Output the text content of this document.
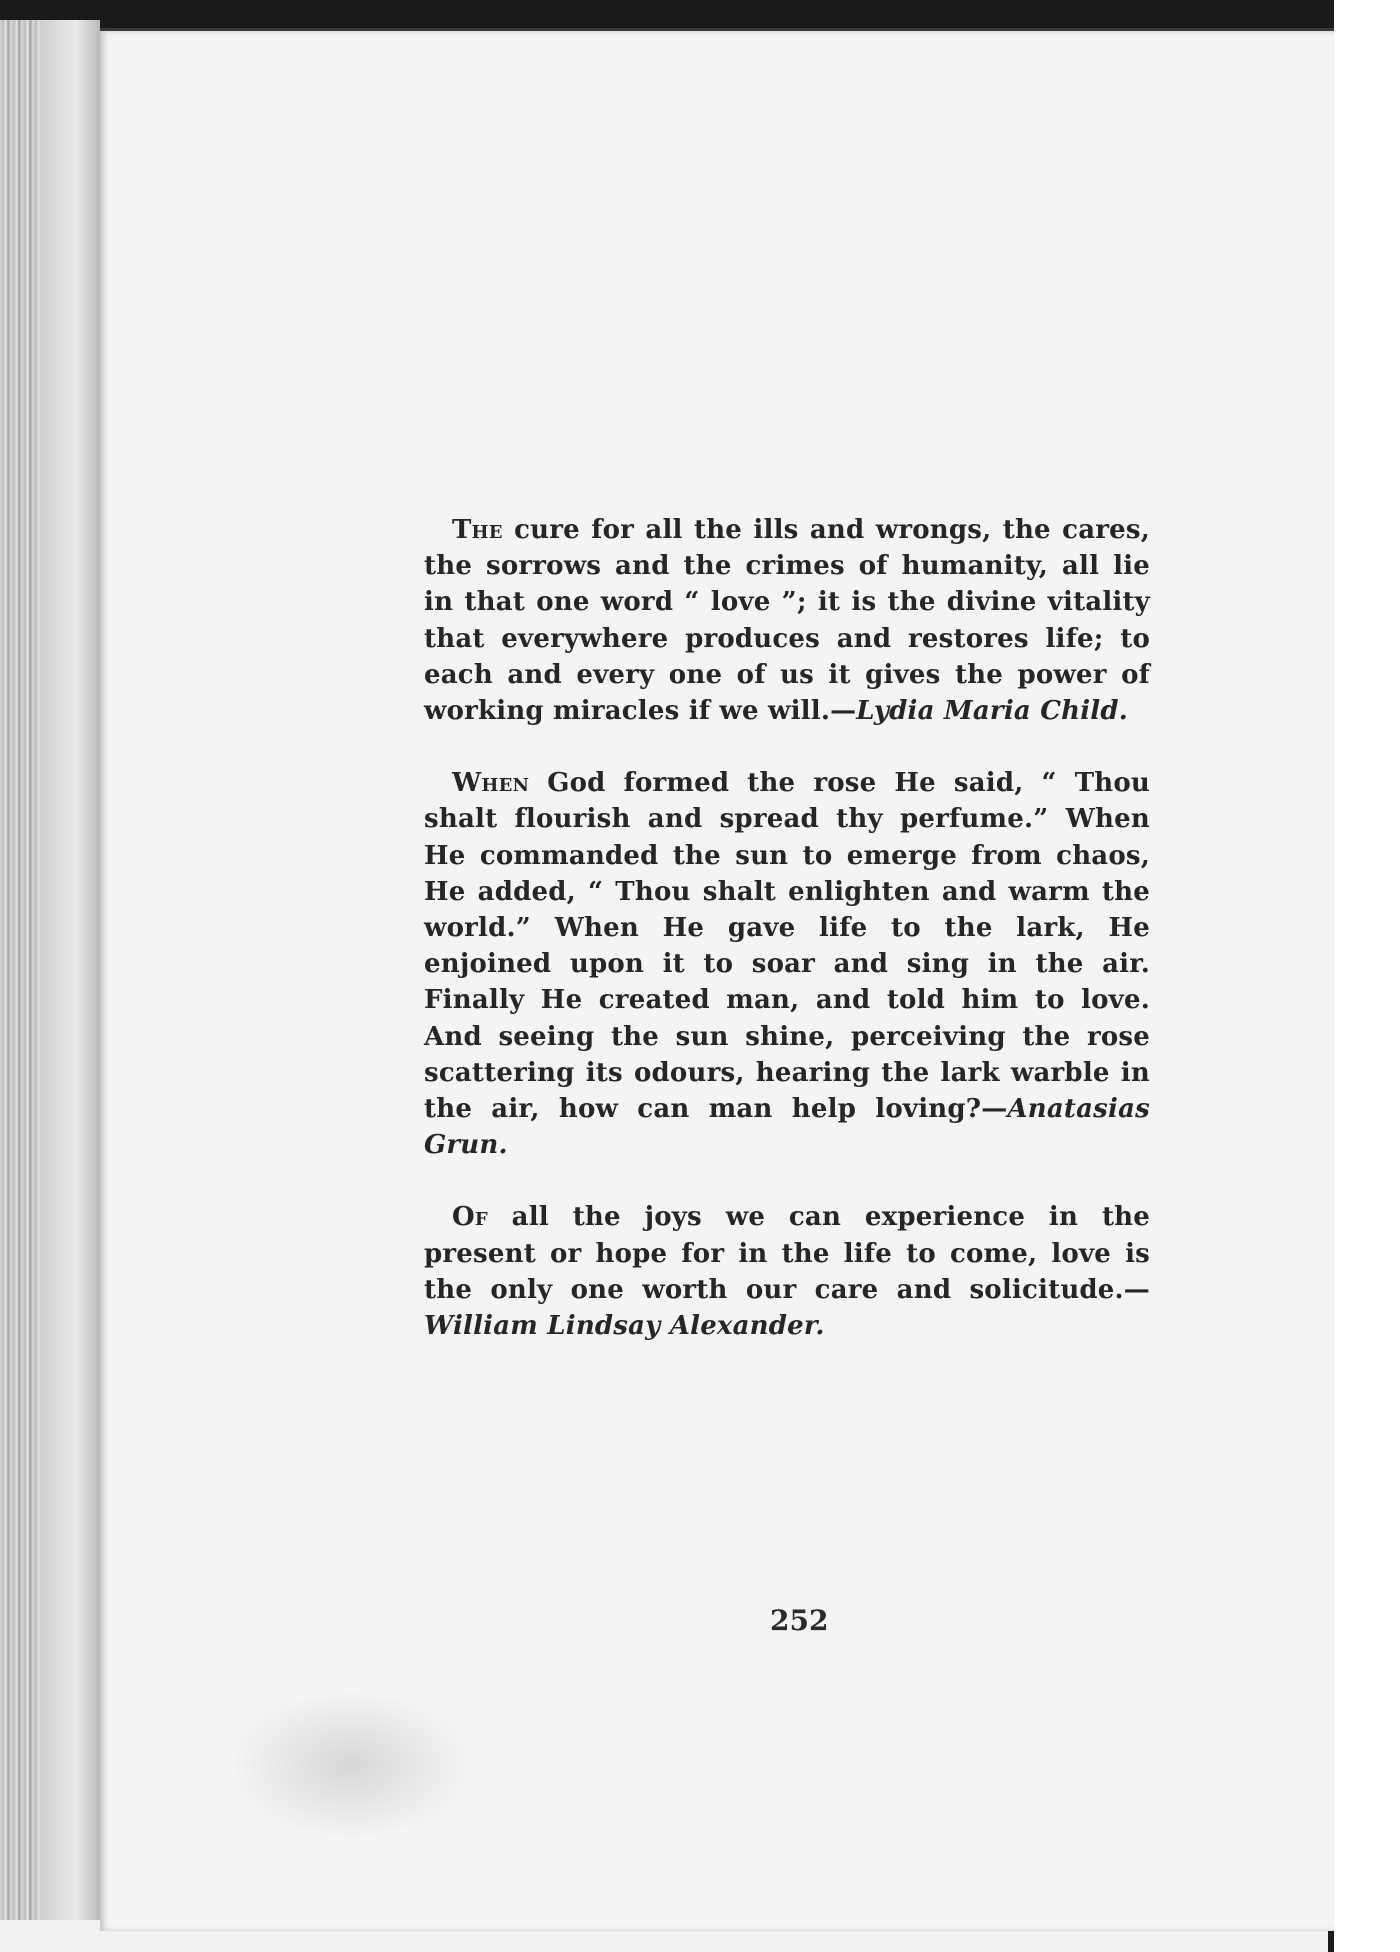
The cure for all the ills and wrongs, the cares, the sorrows and the crimes of humanity, all lie in that one word “ love ”; it is the divine vitality that everywhere produces and restores life; to each and every one of us it gives the power of working miracles if we will.—Lydia Maria Child.

When God formed the rose He said, “ Thou shalt flourish and spread thy perfume.” When He commanded the sun to emerge from chaos, He added, “ Thou shalt enlighten and warm the world.” When He gave life to the lark, He enjoined upon it to soar and sing in the air. Finally He created man, and told him to love. And seeing the sun shine, perceiving the rose scattering its odours, hearing the lark warble in the air, how can man help loving?—Anatasias Grun.

Of all the joys we can experience in the present or hope for in the life to come, love is the only one worth our care and solicitude.—William Lindsay Alexander.

252
